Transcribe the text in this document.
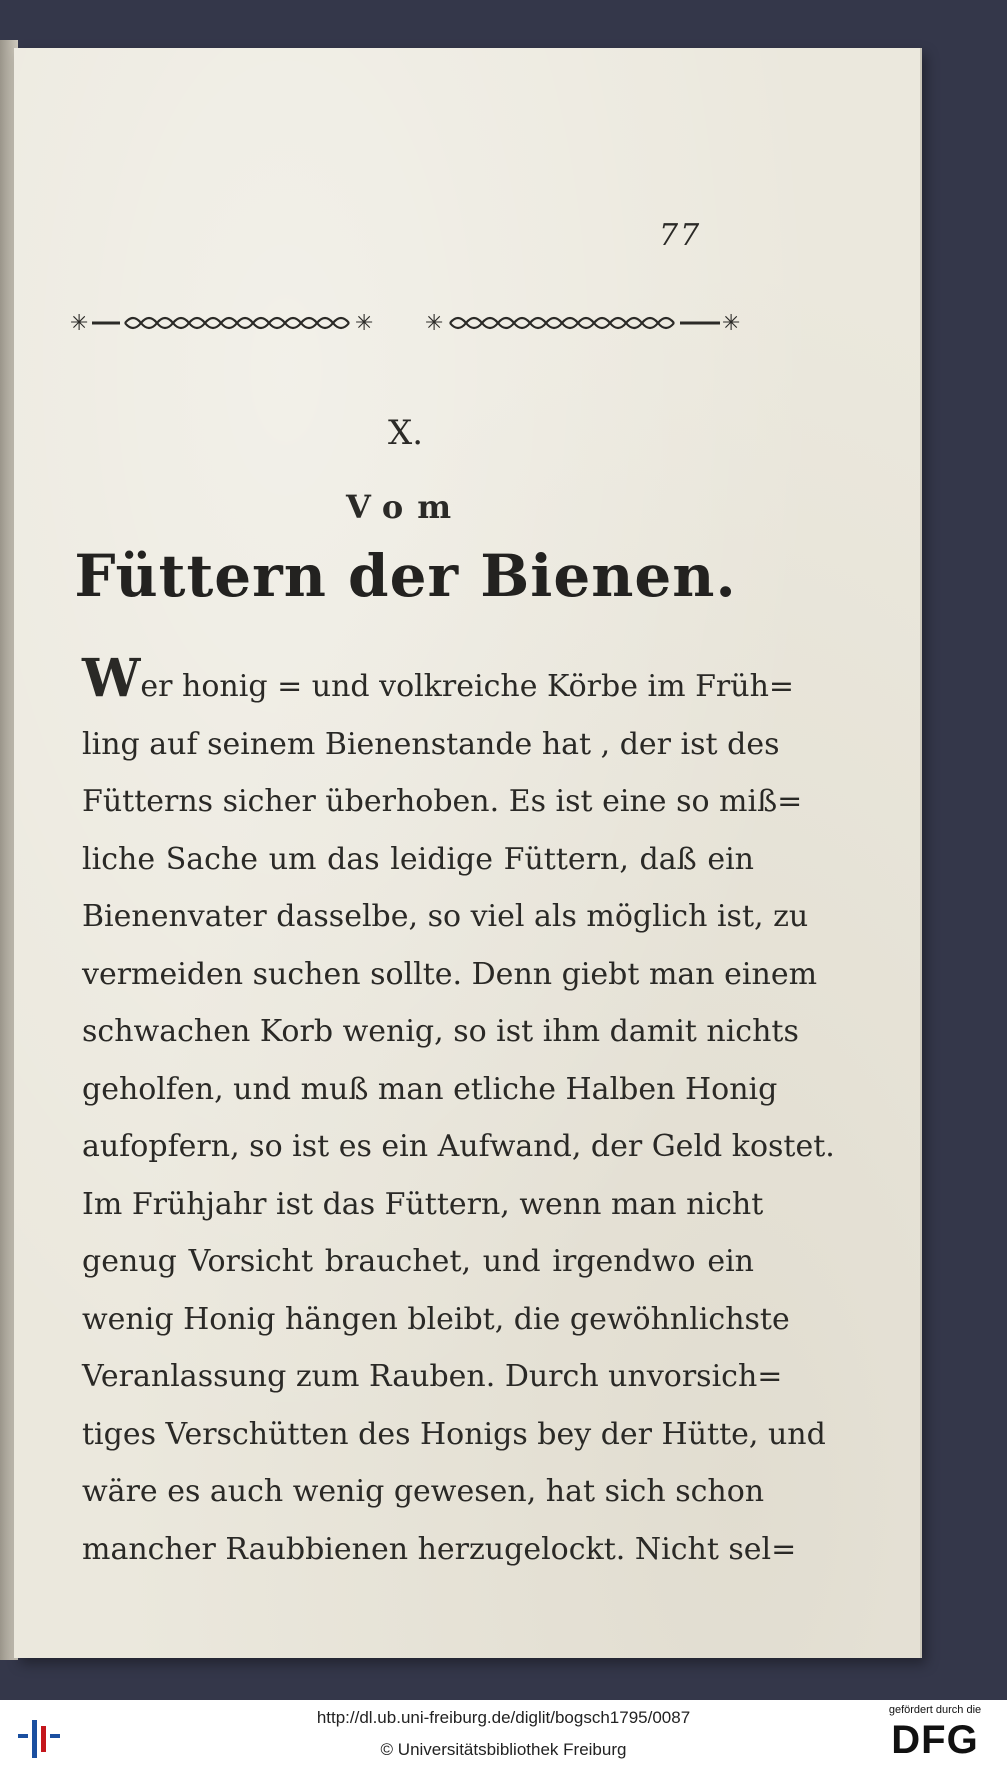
77
✳	✳ ✳	✳
X.
Vom
Füttern der Bienen.
Wer honig = und volkreiche Körbe im Früh=
ling auf seinem Bienenstande hat , der ist des
Fütterns sicher überhoben. Es ist eine so miß=
liche Sache um das leidige Füttern, daß ein
Bienenvater dasselbe, so viel als möglich ist, zu
vermeiden suchen sollte. Denn giebt man einem
schwachen Korb wenig, so ist ihm damit nichts
geholfen, und muß man etliche Halben Honig
aufopfern, so ist es ein Aufwand, der Geld kostet.
Im Frühjahr ist das Füttern, wenn man nicht
genug Vorsicht brauchet, und irgendwo ein
wenig Honig hängen bleibt, die gewöhnlichste
Veranlassung zum Rauben. Durch unvorsich=
tiges Verschütten des Honigs bey der Hütte, und
wäre es auch wenig gewesen, hat sich schon
mancher Raubbienen herzugelockt. Nicht sel=
http://dl.ub.uni-freiburg.de/diglit/bogsch1795/0087
© Universitätsbibliothek Freiburg
gefördert durch die
DFG
